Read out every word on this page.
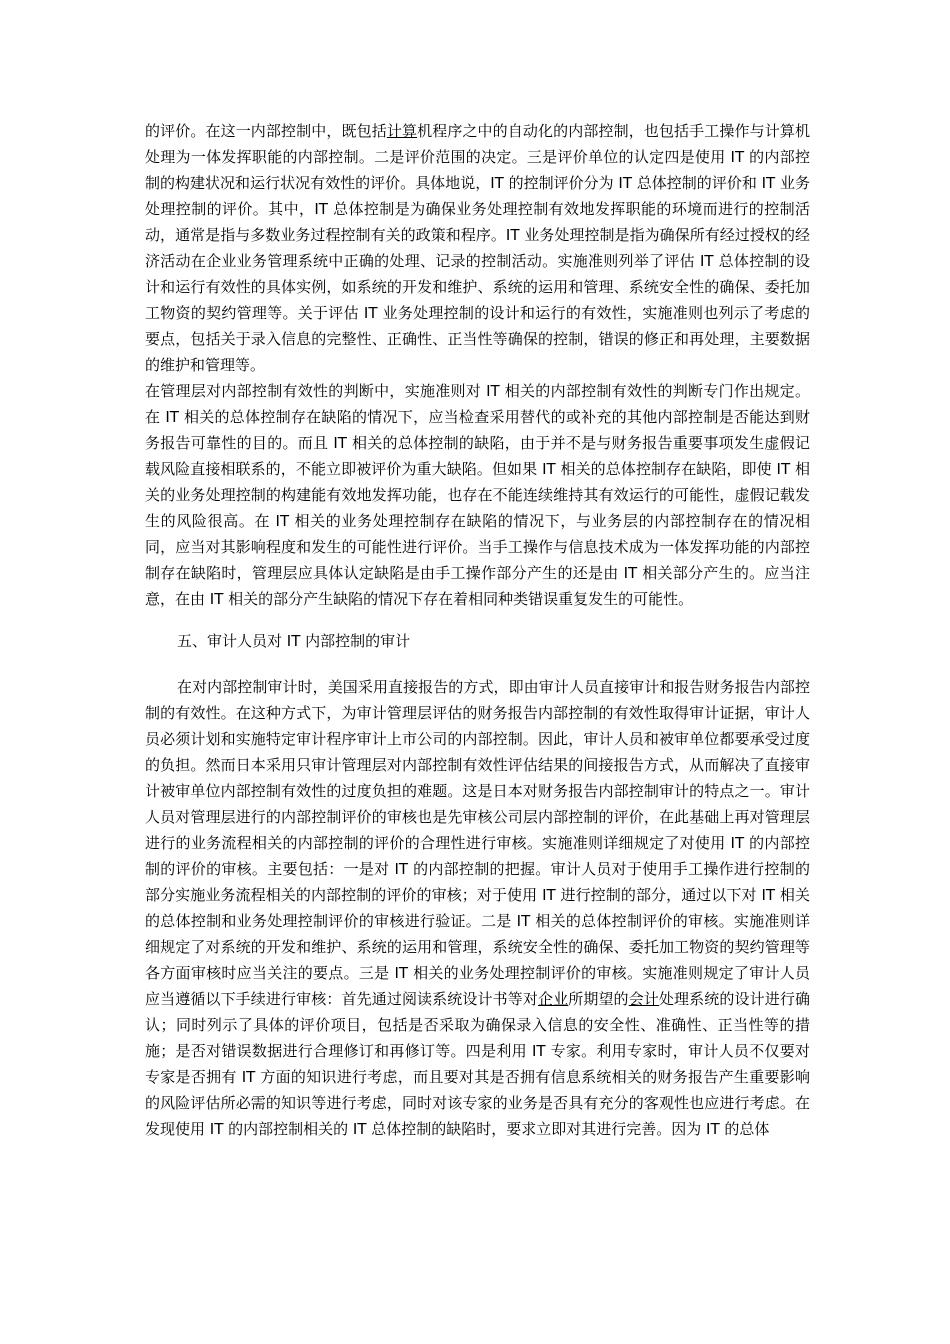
的评价。在这一内部控制中，既包括计算机程序之中的自动化的内部控制，也包括手工操作与计算机处理为一体发挥职能的内部控制。二是评价范围的决定。三是评价单位的认定四是使用 IT 的内部控制的构建状况和运行状况有效性的评价。具体地说，IT 的控制评价分为 IT 总体控制的评价和 IT 业务处理控制的评价。其中，IT 总体控制是为确保业务处理控制有效地发挥职能的环境而进行的控制活动，通常是指与多数业务过程控制有关的政策和程序。IT 业务处理控制是指为确保所有经过授权的经济活动在企业业务管理系统中正确的处理、记录的控制活动。实施准则列举了评估 IT 总体控制的设计和运行有效性的具体实例，如系统的开发和维护、系统的运用和管理、系统安全性的确保、委托加工物资的契约管理等。关于评估 IT 业务处理控制的设计和运行的有效性，实施准则也列示了考虑的要点，包括关于录入信息的完整性、正确性、正当性等确保的控制，错误的修正和再处理，主要数据的维护和管理等。

在管理层对内部控制有效性的判断中，实施准则对 IT 相关的内部控制有效性的判断专门作出规定。在 IT 相关的总体控制存在缺陷的情况下，应当检查采用替代的或补充的其他内部控制是否能达到财务报告可靠性的目的。而且 IT 相关的总体控制的缺陷，由于并不是与财务报告重要事项发生虚假记载风险直接相联系的，不能立即被评价为重大缺陷。但如果 IT 相关的总体控制存在缺陷，即使 IT 相关的业务处理控制的构建能有效地发挥功能，也存在不能连续维持其有效运行的可能性，虚假记载发生的风险很高。在 IT 相关的业务处理控制存在缺陷的情况下，与业务层的内部控制存在的情况相同，应当对其影响程度和发生的可能性进行评价。当手工操作与信息技术成为一体发挥功能的内部控制存在缺陷时，管理层应具体认定缺陷是由手工操作部分产生的还是由 IT 相关部分产生的。应当注意，在由 IT 相关的部分产生缺陷的情况下存在着相同种类错误重复发生的可能性。

五、审计人员对 IT 内部控制的审计

在对内部控制审计时，美国采用直接报告的方式，即由审计人员直接审计和报告财务报告内部控制的有效性。在这种方式下，为审计管理层评估的财务报告内部控制的有效性取得审计证据，审计人员必须计划和实施特定审计程序审计上市公司的内部控制。因此，审计人员和被审单位都要承受过度的负担。然而日本采用只审计管理层对内部控制有效性评估结果的间接报告方式，从而解决了直接审计被审单位内部控制有效性的过度负担的难题。这是日本对财务报告内部控制审计的特点之一。审计人员对管理层进行的内部控制评价的审核也是先审核公司层内部控制的评价，在此基础上再对管理层进行的业务流程相关的内部控制的评价的合理性进行审核。实施准则详细规定了对使用 IT 的内部控制的评价的审核。主要包括：一是对 IT 的内部控制的把握。审计人员对于使用手工操作进行控制的部分实施业务流程相关的内部控制的评价的审核；对于使用 IT 进行控制的部分，通过以下对 IT 相关的总体控制和业务处理控制评价的审核进行验证。二是 IT 相关的总体控制评价的审核。实施准则详细规定了对系统的开发和维护、系统的运用和管理，系统安全性的确保、委托加工物资的契约管理等各方面审核时应当关注的要点。三是 IT 相关的业务处理控制评价的审核。实施准则规定了审计人员应当遵循以下手续进行审核：首先通过阅读系统设计书等对企业所期望的会计处理系统的设计进行确认；同时列示了具体的评价项目，包括是否采取为确保录入信息的安全性、准确性、正当性等的措施；是否对错误数据进行合理修订和再修订等。四是利用 IT 专家。利用专家时，审计人员不仅要对专家是否拥有 IT 方面的知识进行考虑，而且要对其是否拥有信息系统相关的财务报告产生重要影响的风险评估所必需的知识等进行考虑，同时对该专家的业务是否具有充分的客观性也应进行考虑。在发现使用 IT 的内部控制相关的 IT 总体控制的缺陷时，要求立即对其进行完善。因为 IT 的总体
